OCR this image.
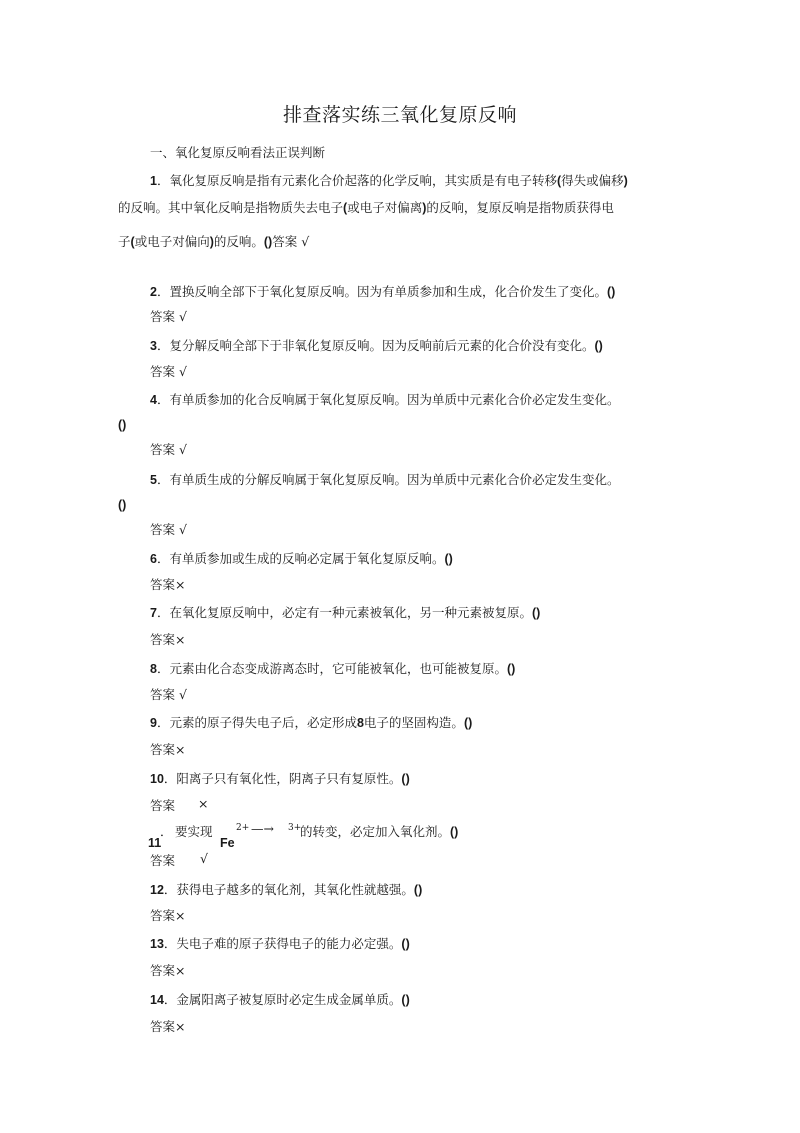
排查落实练三氧化复原反响
一、氧化复原反响看法正误判断
1．氧化复原反响是指有元素化合价起落的化学反响，其实质是有电子转移(得失或偏移)
的反响。其中氧化反响是指物质失去电子(或电子对偏离)的反响，复原反响是指物质获得电
子(或电子对偏向)的反响。()答案 √
2．置换反响全部下于氧化复原反响。因为有单质参加和生成，化合价发生了变化。()
答案 √
3．复分解反响全部下于非氧化复原反响。因为反响前后元素的化合价没有变化。()
答案 √
4．有单质参加的化合反响属于氧化复原反响。因为单质中元素化合价必定发生变化。
()
答案 √
5．有单质生成的分解反响属于氧化复原反响。因为单质中元素化合价必定发生变化。
()
答案 √
6．有单质参加或生成的反响必定属于氧化复原反响。()
答案×
7．在氧化复原反响中，必定有一种元素被氧化，另一种元素被复原。()
答案×
8．元素由化合态变成游离态时，它可能被氧化，也可能被复原。()
答案 √
9．元素的原子得失电子后，必定形成8电子的坚固构造。()
答案×
10．阳离子只有氧化性，阴离子只有复原性。()
答案 ×
． 要实现	2+ —→ 3+
的转变，必定加入氧化剂。()
11	Fe
答案 √
12．获得电子越多的氧化剂，其氧化性就越强。()
答案×
13．失电子难的原子获得电子的能力必定强。()
答案×
14．金属阳离子被复原时必定生成金属单质。()
答案×
